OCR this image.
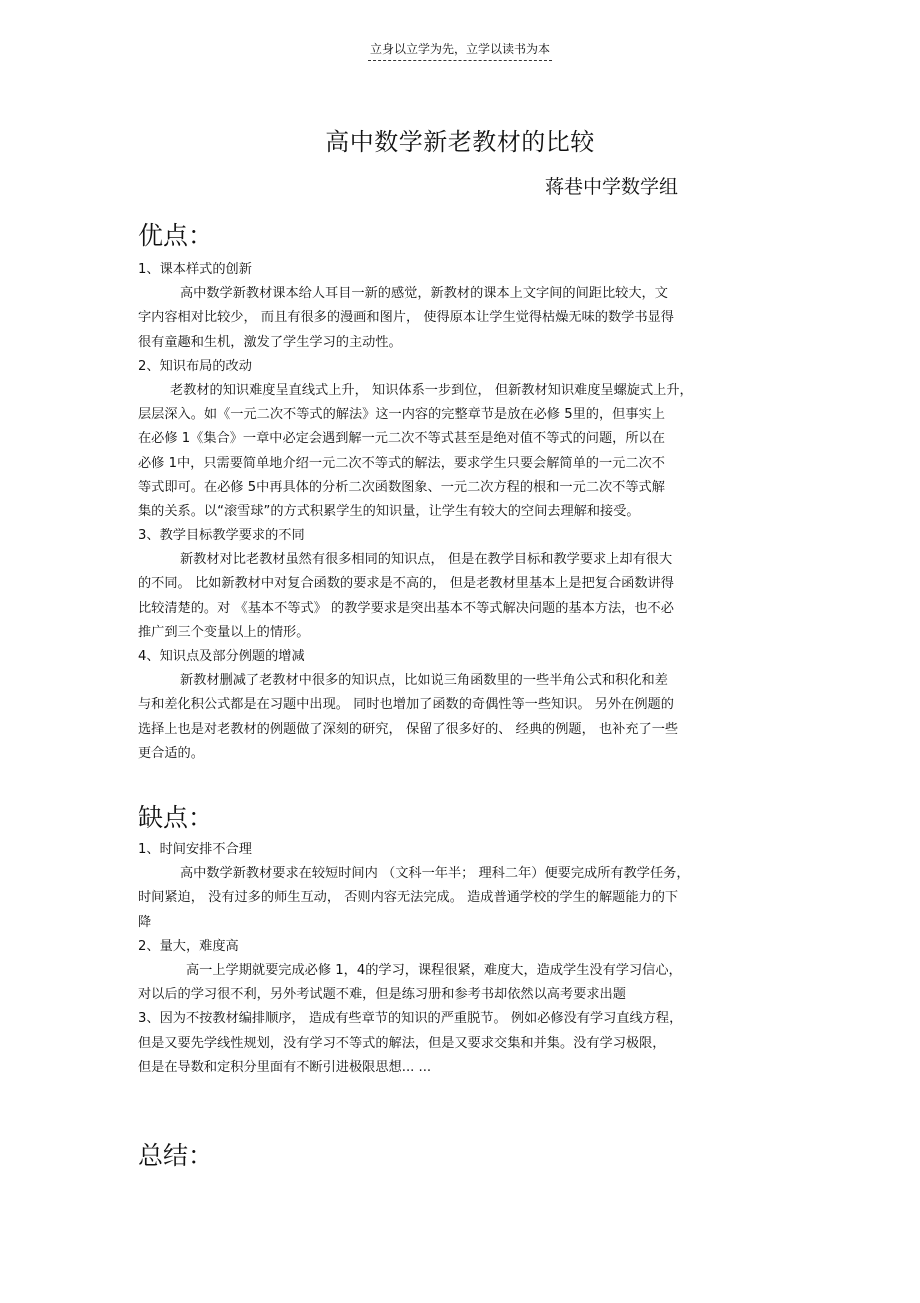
立身以立学为先，立学以读书为本
高中数学新老教材的比较
蒋巷中学数学组
优点：
1、课本样式的创新
高中数学新教材课本给人耳目一新的感觉，新教材的课本上文字间的间距比较大，文
字内容相对比较少， 而且有很多的漫画和图片， 使得原本让学生觉得枯燥无味的数学书显得
很有童趣和生机，激发了学生学习的主动性。
2、知识布局的改动
老教材的知识难度呈直线式上升， 知识体系一步到位， 但新教材知识难度呈螺旋式上升，
层层深入。如《一元二次不等式的解法》这一内容的完整章节是放在必修 5里的，但事实上
在必修 1《集合》一章中必定会遇到解一元二次不等式甚至是绝对值不等式的问题，所以在
必修 1中，只需要简单地介绍一元二次不等式的解法，要求学生只要会解简单的一元二次不
等式即可。在必修 5中再具体的分析二次函数图象、一元二次方程的根和一元二次不等式解
集的关系。以“滚雪球”的方式积累学生的知识量，让学生有较大的空间去理解和接受。
3、教学目标教学要求的不同
新教材对比老教材虽然有很多相同的知识点， 但是在教学目标和教学要求上却有很大
的不同。 比如新教材中对复合函数的要求是不高的， 但是老教材里基本上是把复合函数讲得
比较清楚的。对 《基本不等式》 的教学要求是突出基本不等式解决问题的基本方法，也不必
推广到三个变量以上的情形。
4、知识点及部分例题的增减
新教材删减了老教材中很多的知识点，比如说三角函数里的一些半角公式和积化和差
与和差化积公式都是在习题中出现。 同时也增加了函数的奇偶性等一些知识。 另外在例题的
选择上也是对老教材的例题做了深刻的研究， 保留了很多好的、 经典的例题， 也补充了一些
更合适的。
缺点：
1、时间安排不合理
高中数学新教材要求在较短时间内 （文科一年半； 理科二年）便要完成所有教学任务，
时间紧迫， 没有过多的师生互动， 否则内容无法完成。 造成普通学校的学生的解题能力的下
降
2、量大，难度高
高一上学期就要完成必修 1，4的学习，课程很紧，难度大，造成学生没有学习信心，
对以后的学习很不利，另外考试题不难，但是练习册和参考书却依然以高考要求出题
3、因为不按教材编排顺序， 造成有些章节的知识的严重脱节。 例如必修没有学习直线方程，
但是又要先学线性规划，没有学习不等式的解法，但是又要求交集和并集。没有学习极限，
但是在导数和定积分里面有不断引进极限思想... ...
总结：
